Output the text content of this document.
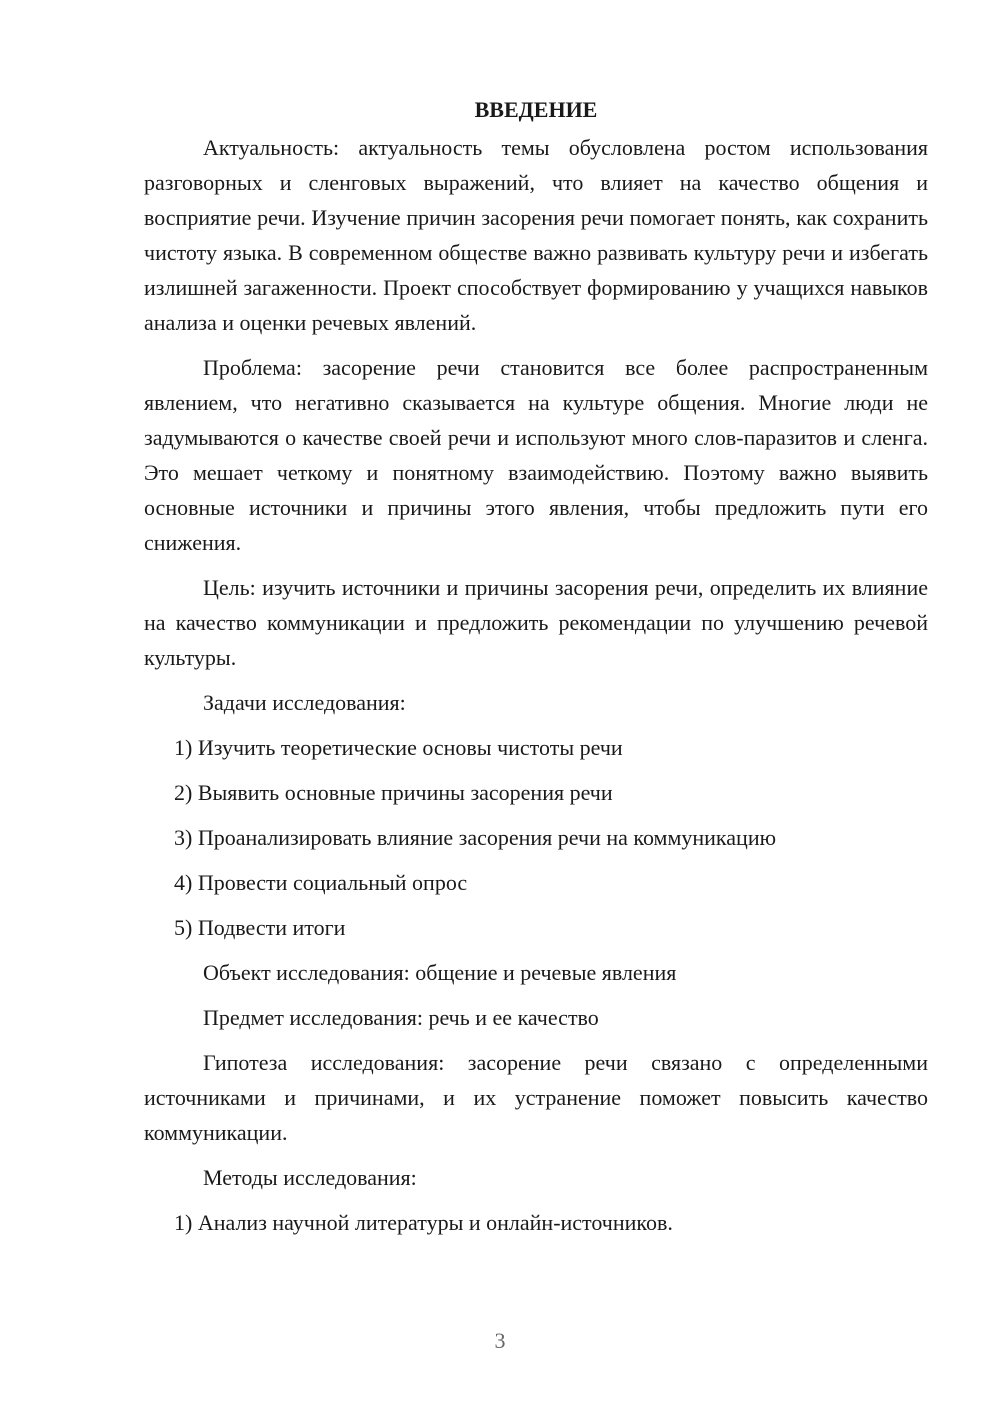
ВВЕДЕНИЕ

Актуальность: актуальность темы обусловлена ростом использования разговорных и сленговых выражений, что влияет на качество общения и восприятие речи. Изучение причин засорения речи помогает понять, как сохранить чистоту языка. В современном обществе важно развивать культуру речи и избегать излишней загаженности. Проект способствует формированию у учащихся навыков анализа и оценки речевых явлений.

Проблема: засорение речи становится все более распространенным явлением, что негативно сказывается на культуре общения. Многие люди не задумываются о качестве своей речи и используют много слов-паразитов и сленга. Это мешает четкому и понятному взаимодействию. Поэтому важно выявить основные источники и причины этого явления, чтобы предложить пути его снижения.

Цель: изучить источники и причины засорения речи, определить их влияние на качество коммуникации и предложить рекомендации по улучшению речевой культуры.

Задачи исследования:

1) Изучить теоретические основы чистоты речи

2) Выявить основные причины засорения речи

3) Проанализировать влияние засорения речи на коммуникацию

4) Провести социальный опрос

5) Подвести итоги

Объект исследования: общение и речевые явления

Предмет исследования: речь и ее качество

Гипотеза исследования: засорение речи связано с определенными источниками и причинами, и их устранение поможет повысить качество коммуникации.

Методы исследования:

1) Анализ научной литературы и онлайн-источников.

3
